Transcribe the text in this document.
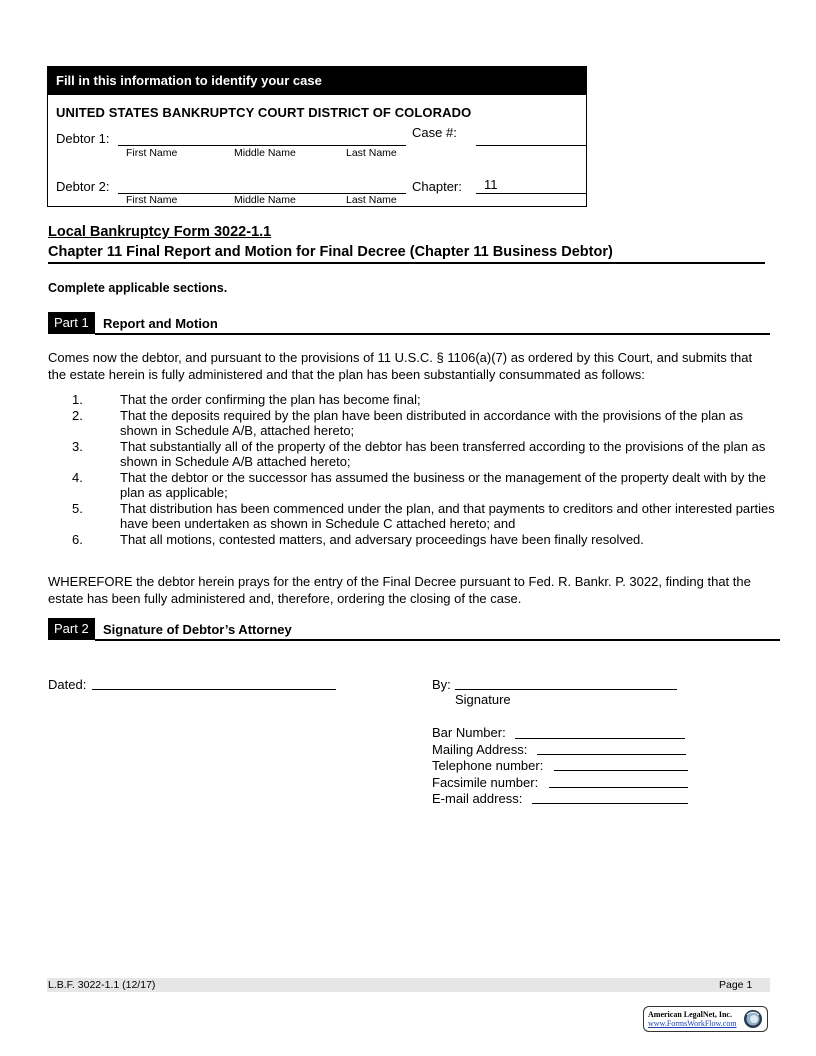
Fill in this information to identify your case
UNITED STATES BANKRUPTCY COURT DISTRICT OF COLORADO
Debtor 1:
First Name	Middle Name	Last Name
Case #:
Debtor 2:
First Name	Middle Name	Last Name
Chapter: 11
Local Bankruptcy Form 3022-1.1
Chapter 11 Final Report and Motion for Final Decree (Chapter 11 Business Debtor)
Complete applicable sections.
Part 1	Report and Motion
Comes now the debtor, and pursuant to the provisions of 11 U.S.C. § 1106(a)(7) as ordered by this Court, and submits that the estate herein is fully administered and that the plan has been substantially consummated as follows:
1.	That the order confirming the plan has become final;
2.	That the deposits required by the plan have been distributed in accordance with the provisions of the plan as shown in Schedule A/B, attached hereto;
3.	That substantially all of the property of the debtor has been transferred according to the provisions of the plan as shown in Schedule A/B attached hereto;
4.	That the debtor or the successor has assumed the business or the management of the property dealt with by the plan as applicable;
5.	That distribution has been commenced under the plan, and that payments to creditors and other interested parties have been undertaken as shown in Schedule C attached hereto; and
6.	That all motions, contested matters, and adversary proceedings have been finally resolved.
WHEREFORE the debtor herein prays for the entry of the Final Decree pursuant to Fed. R. Bankr. P. 3022, finding that the estate has been fully administered and, therefore, ordering the closing of the case.
Part 2	Signature of Debtor’s Attorney
Dated:	By:
Signature
Bar Number:
Mailing Address:
Telephone number:
Facsimile number:
E-mail address:
L.B.F. 3022-1.1 (12/17)	Page 1
American LegalNet, Inc.
www.FormsWorkFlow.com
